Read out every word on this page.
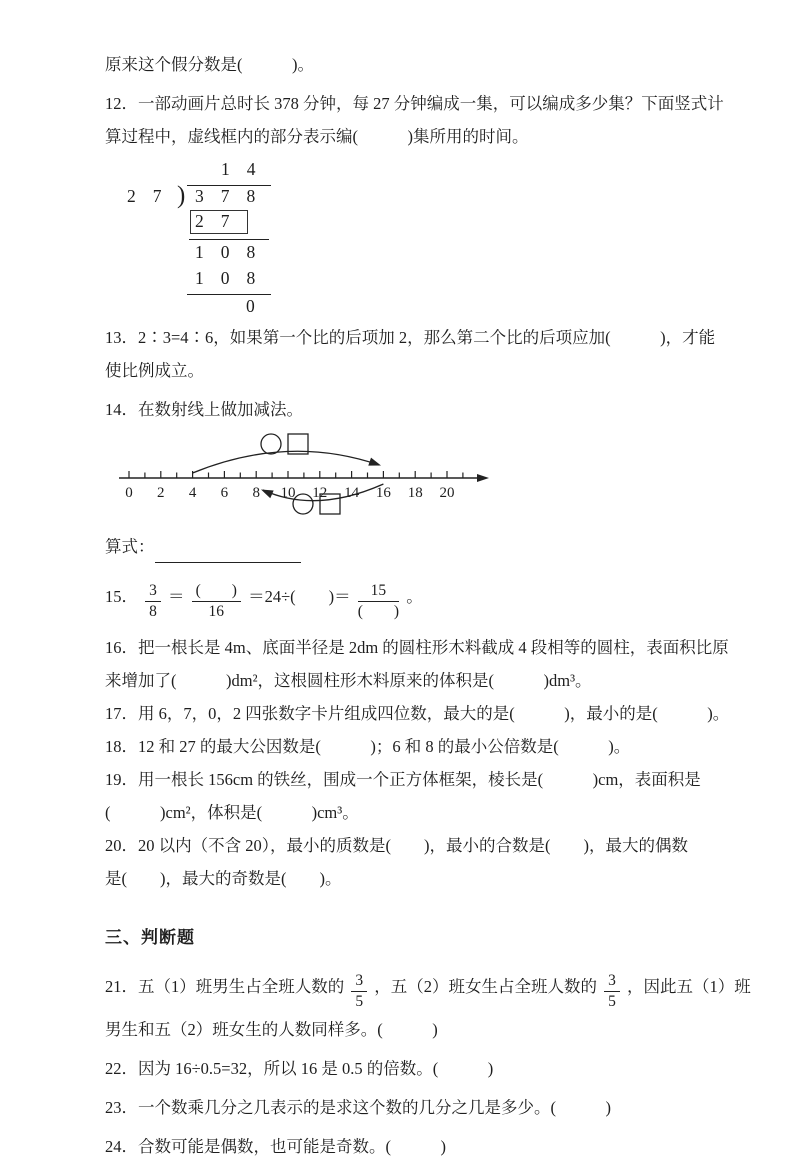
原来这个假分数是(　　　)。
12．一部动画片总时长 378 分钟，每 27 分钟编成一集，可以编成多少集？下面竖式计
算过程中，虚线框内的部分表示编(　　　)集所用的时间。
14
)
27 378
27
108
108
0
13．2∶3=4∶6，如果第一个比的后项加 2，那么第二个比的后项应加(　　　)，才能
使比例成立。
14．在数射线上做加减法。
0 2 4 6 8 10 12 14 16 18 20
算式：
15． $\frac{3}{8} = \frac{( )}{16} =24\div$(　　)＝ $\frac{15}{( )}$ 。
16．把一根长是 4m、底面半径是 2dm 的圆柱形木料截成 4 段相等的圆柱，表面积比原
来增加了(　　　)dm²，这根圆柱形木料原来的体积是(　　　)dm³。
17．用 6，7，0，2 四张数字卡片组成四位数，最大的是(　　　)，最小的是(　　　)。
18．12 和 27 的最大公因数是(　　　)；6 和 8 的最小公倍数是(　　　)。
19．用一根长 156cm 的铁丝，围成一个正方体框架，棱长是(　　　)cm，表面积是
(　　　)cm²，体积是(　　　)cm³。
20．20 以内（不含 20），最小的质数是(　　)，最小的合数是(　　)，最大的偶数
是(　　)，最大的奇数是(　　)。
三、判断题
21．五（1）班男生占全班人数的 $\frac{3}{5}$ ，五（2）班女生占全班人数的 $\frac{3}{5}$ ，因此五（1）班
男生和五（2）班女生的人数同样多。(　　　)
22．因为 16÷0.5=32，所以 16 是 0.5 的倍数。(　　　)
23．一个数乘几分之几表示的是求这个数的几分之几是多少。(　　　)
24．合数可能是偶数，也可能是奇数。(　　　)
